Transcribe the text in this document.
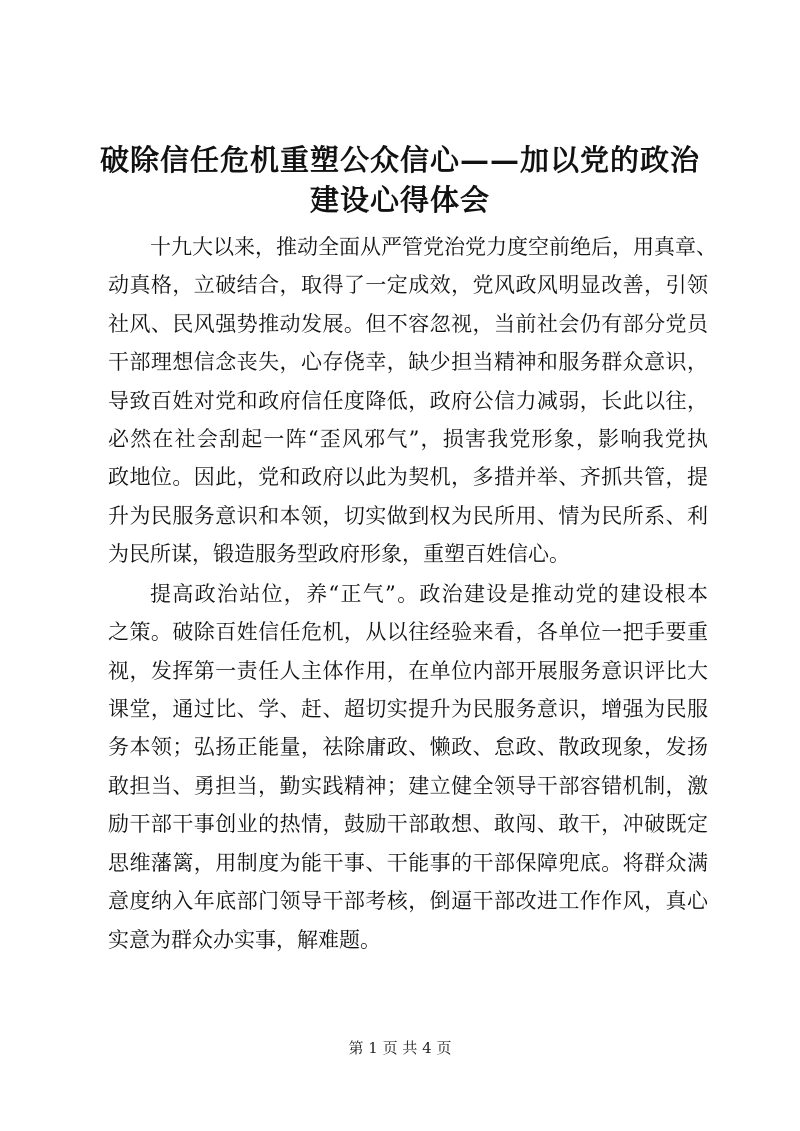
破除信任危机重塑公众信心——加以党的政治
建设心得体会

十九大以来，推动全面从严管党治党力度空前绝后，用真章、
动真格，立破结合，取得了一定成效，党风政风明显改善，引领
社风、民风强势推动发展。但不容忽视，当前社会仍有部分党员
干部理想信念丧失，心存侥幸，缺少担当精神和服务群众意识，
导致百姓对党和政府信任度降低，政府公信力减弱，长此以往，
必然在社会刮起一阵“歪风邪气”，损害我党形象，影响我党执
政地位。因此，党和政府以此为契机，多措并举、齐抓共管，提
升为民服务意识和本领，切实做到权为民所用、情为民所系、利
为民所谋，锻造服务型政府形象，重塑百姓信心。

提高政治站位，养“正气”。政治建设是推动党的建设根本
之策。破除百姓信任危机，从以往经验来看，各单位一把手要重
视，发挥第一责任人主体作用，在单位内部开展服务意识评比大
课堂，通过比、学、赶、超切实提升为民服务意识，增强为民服
务本领；弘扬正能量，祛除庸政、懒政、怠政、散政现象，发扬
敢担当、勇担当，勤实践精神；建立健全领导干部容错机制，激
励干部干事创业的热情，鼓励干部敢想、敢闯、敢干，冲破既定
思维藩篱，用制度为能干事、干能事的干部保障兜底。将群众满
意度纳入年底部门领导干部考核，倒逼干部改进工作作风，真心
实意为群众办实事，解难题。

第 1 页 共 4 页
